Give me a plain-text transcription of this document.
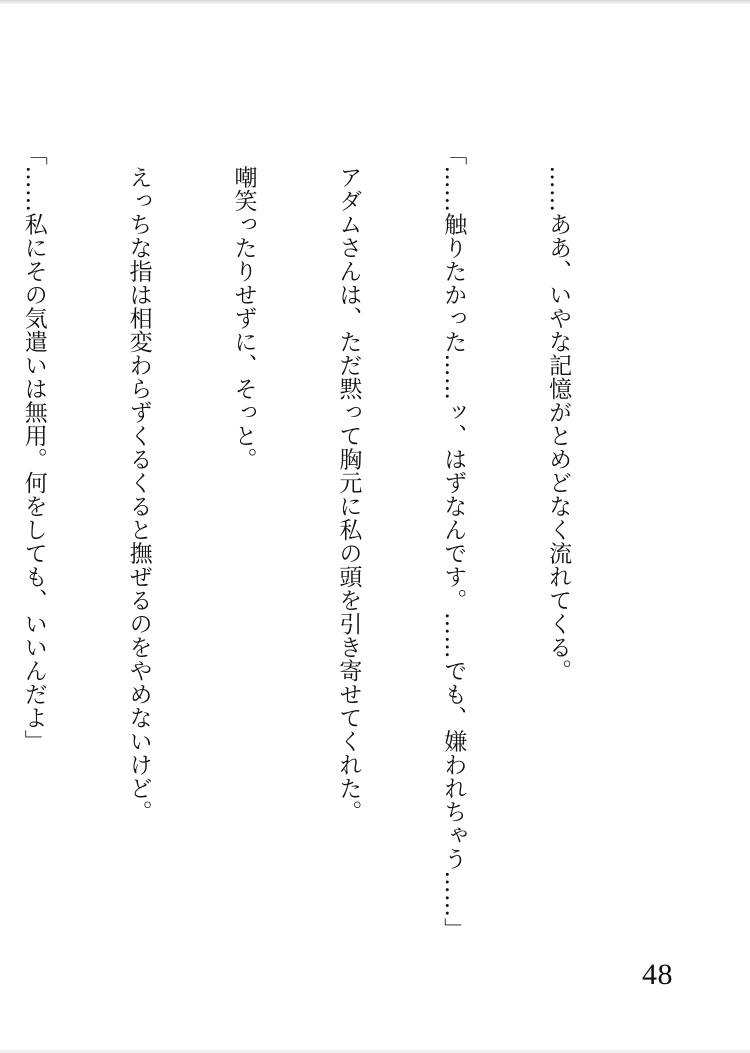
　……ああ、いやな記憶がとめどなく流れてくる。

「……触りたかった……ッ、はずなんです。……でも、嫌われちゃう……」

　アダムさんは、ただ黙って胸元に私の頭を引き寄せてくれた。

　嘲笑ったりせずに、そっと。

　えっちな指は相変わらずくるくると撫ぜるのをやめないけど。

「……私にその気遣いは無用。何をしても、いいんだよ」

48
